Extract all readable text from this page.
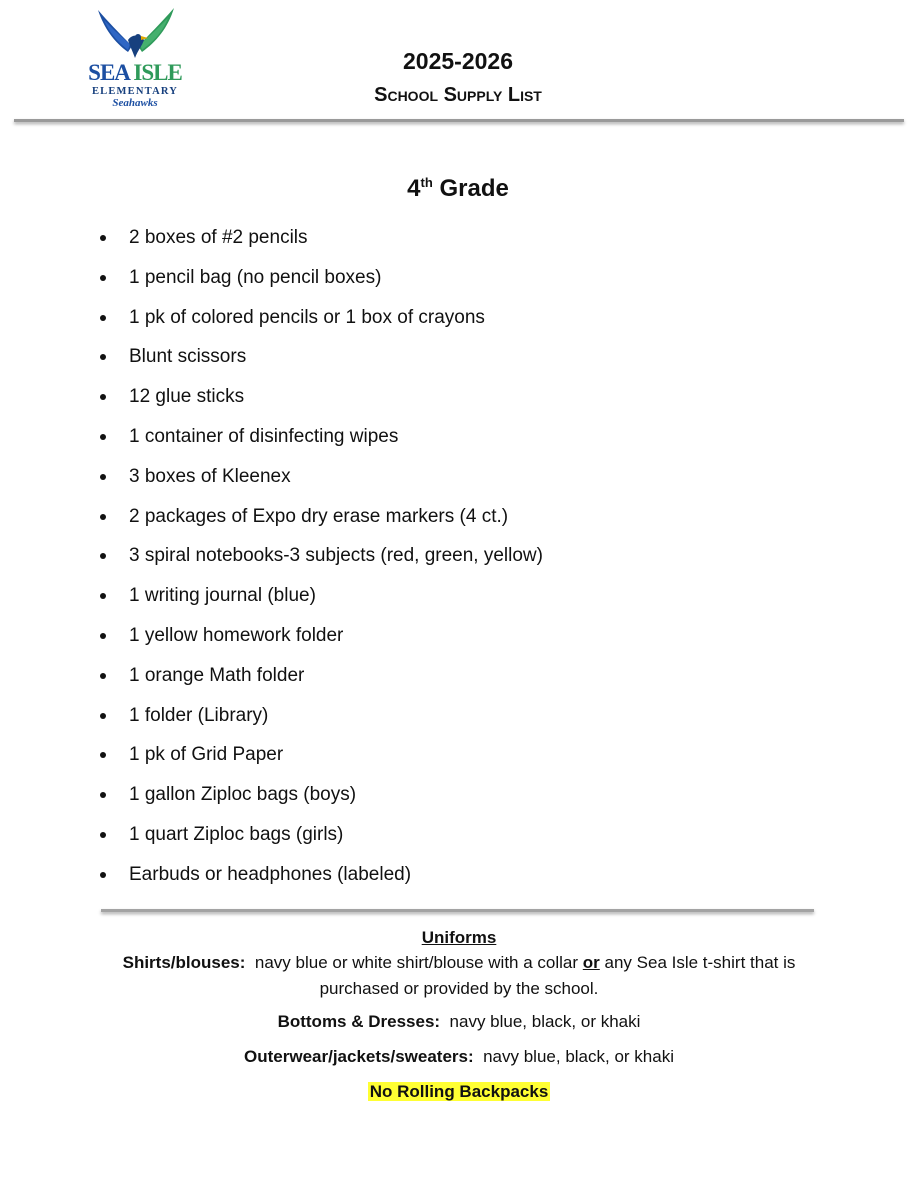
SEA ISLE
ELEMENTARY
Seahawks
2025-2026
School Supply List
4th Grade
2 boxes of #2 pencils
1 pencil bag (no pencil boxes)
1 pk of colored pencils or 1 box of crayons
Blunt scissors
12 glue sticks
1 container of disinfecting wipes
3 boxes of Kleenex
2 packages of Expo dry erase markers (4 ct.)
3 spiral notebooks-3 subjects (red, green, yellow)
1 writing journal (blue)
1 yellow homework folder
1 orange Math folder
1 folder (Library)
1 pk of Grid Paper
1 gallon Ziploc bags (boys)
1 quart Ziploc bags (girls)
Earbuds or headphones (labeled)
Uniforms
Shirts/blouses: navy blue or white shirt/blouse with a collar or any Sea Isle t-shirt that is
purchased or provided by the school.
Bottoms & Dresses: navy blue, black, or khaki
Outerwear/jackets/sweaters: navy blue, black, or khaki
No Rolling Backpacks
